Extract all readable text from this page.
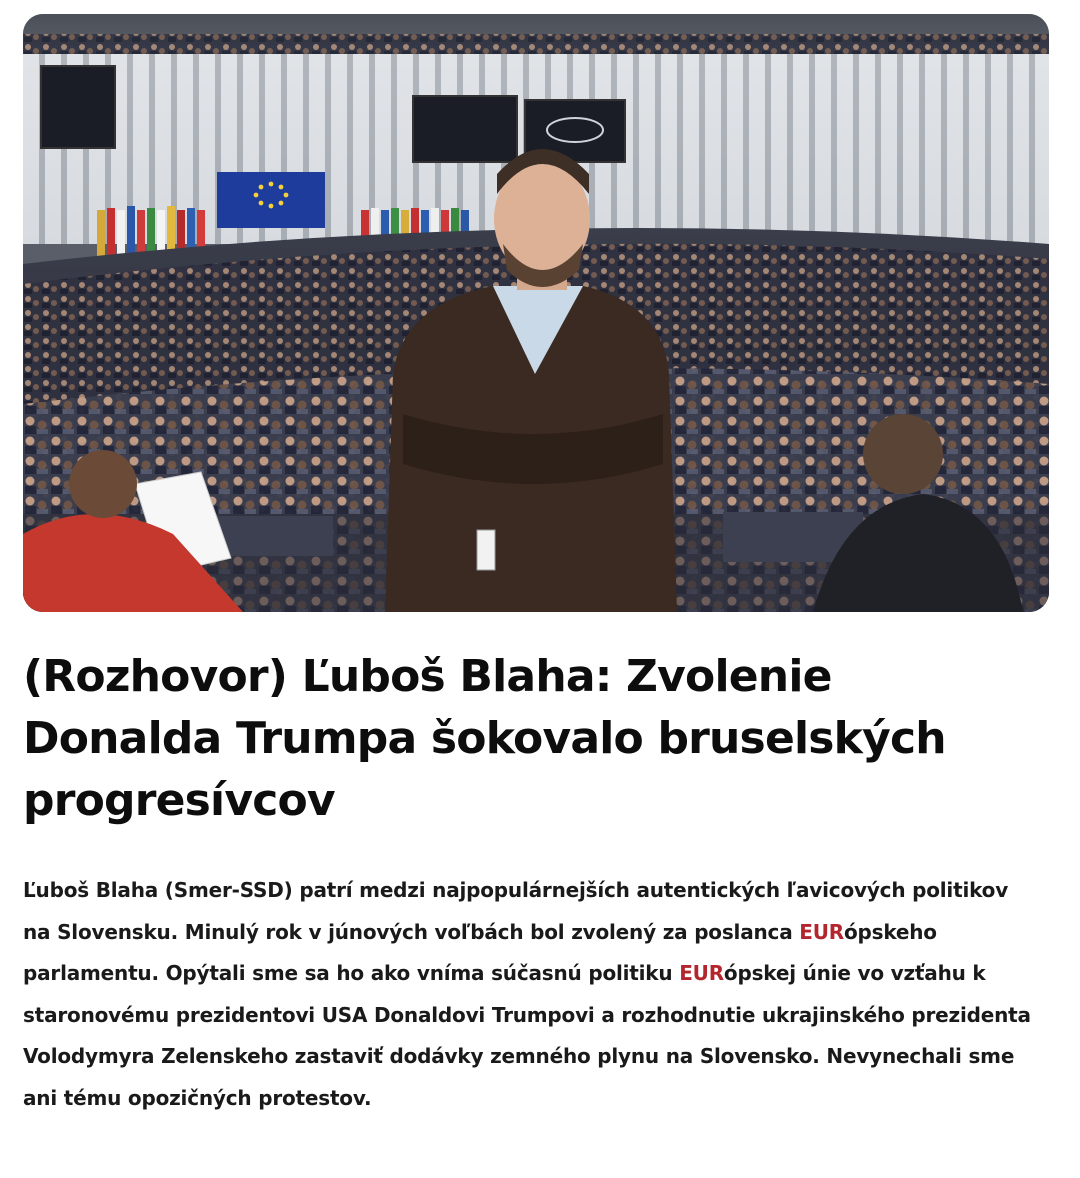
(Rozhovor) Ľuboš Blaha: Zvolenie Donalda Trumpa šokovalo bruselských progresívcov

Ľuboš Blaha (Smer-SSD) patrí medzi najpopulárnejších autentických ľavicových politikov na Slovensku. Minulý rok v júnových voľbách bol zvolený za poslanca EURópskeho parlamentu. Opýtali sme sa ho ako vníma súčasnú politiku EURópskej únie vo vzťahu k staronovému prezidentovi USA Donaldovi Trumpovi a rozhodnutie ukrajinského prezidenta Volodymyra Zelenskeho zastaviť dodávky zemného plynu na Slovensko. Nevynechali sme ani tému opozičných protestov.
